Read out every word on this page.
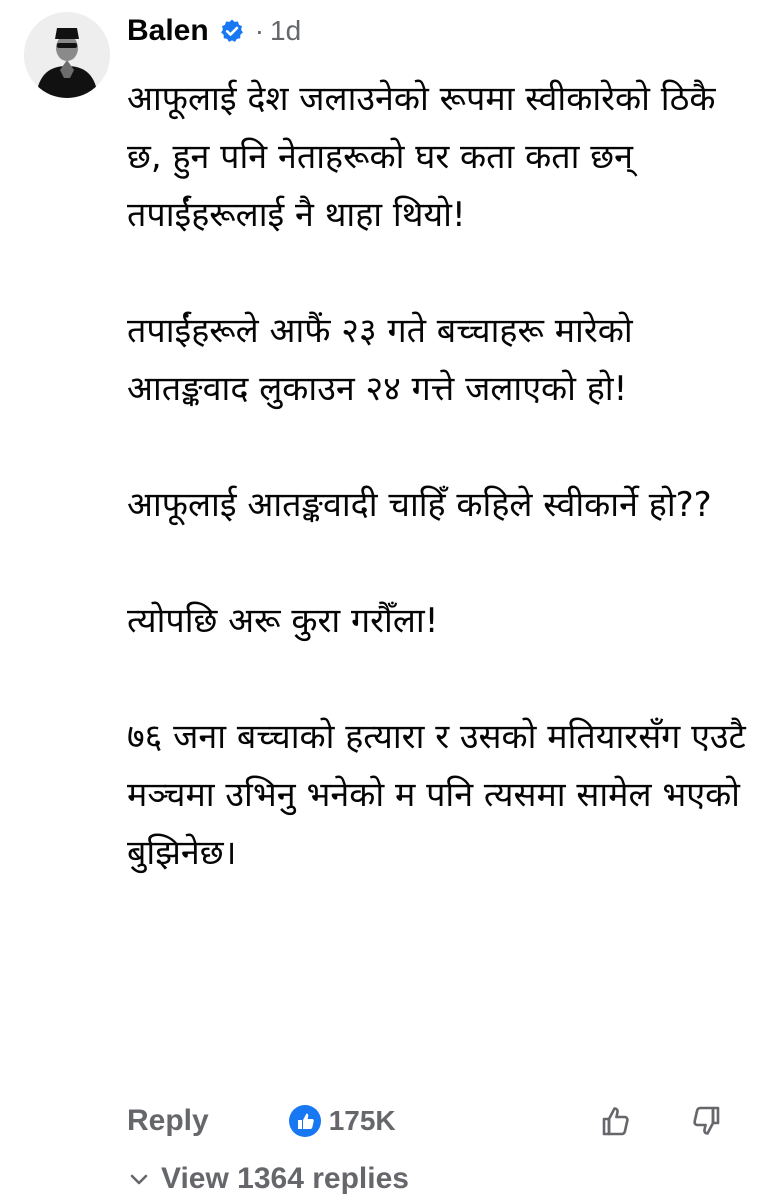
Balen · 1d

आफूलाई देश जलाउनेको रूपमा स्वीकारेको ठिकै छ, हुन पनि नेताहरूको घर कता कता छन् तपाईंहरूलाई नै थाहा थियो!

तपाईंहरूले आफैं २३ गते बच्चाहरू मारेको आतङ्कवाद लुकाउन २४ गत्ते जलाएको हो!

आफूलाई आतङ्कवादी चाहिँ कहिले स्वीकार्ने हो??

त्योपछि अरू कुरा गरौँला!

७६ जना बच्चाको हत्यारा र उसको मतियारसँग एउटै मञ्चमा उभिनु भनेको म पनि त्यसमा सामेल भएको बुझिनेछ।

Reply	175K
View 1364 replies
